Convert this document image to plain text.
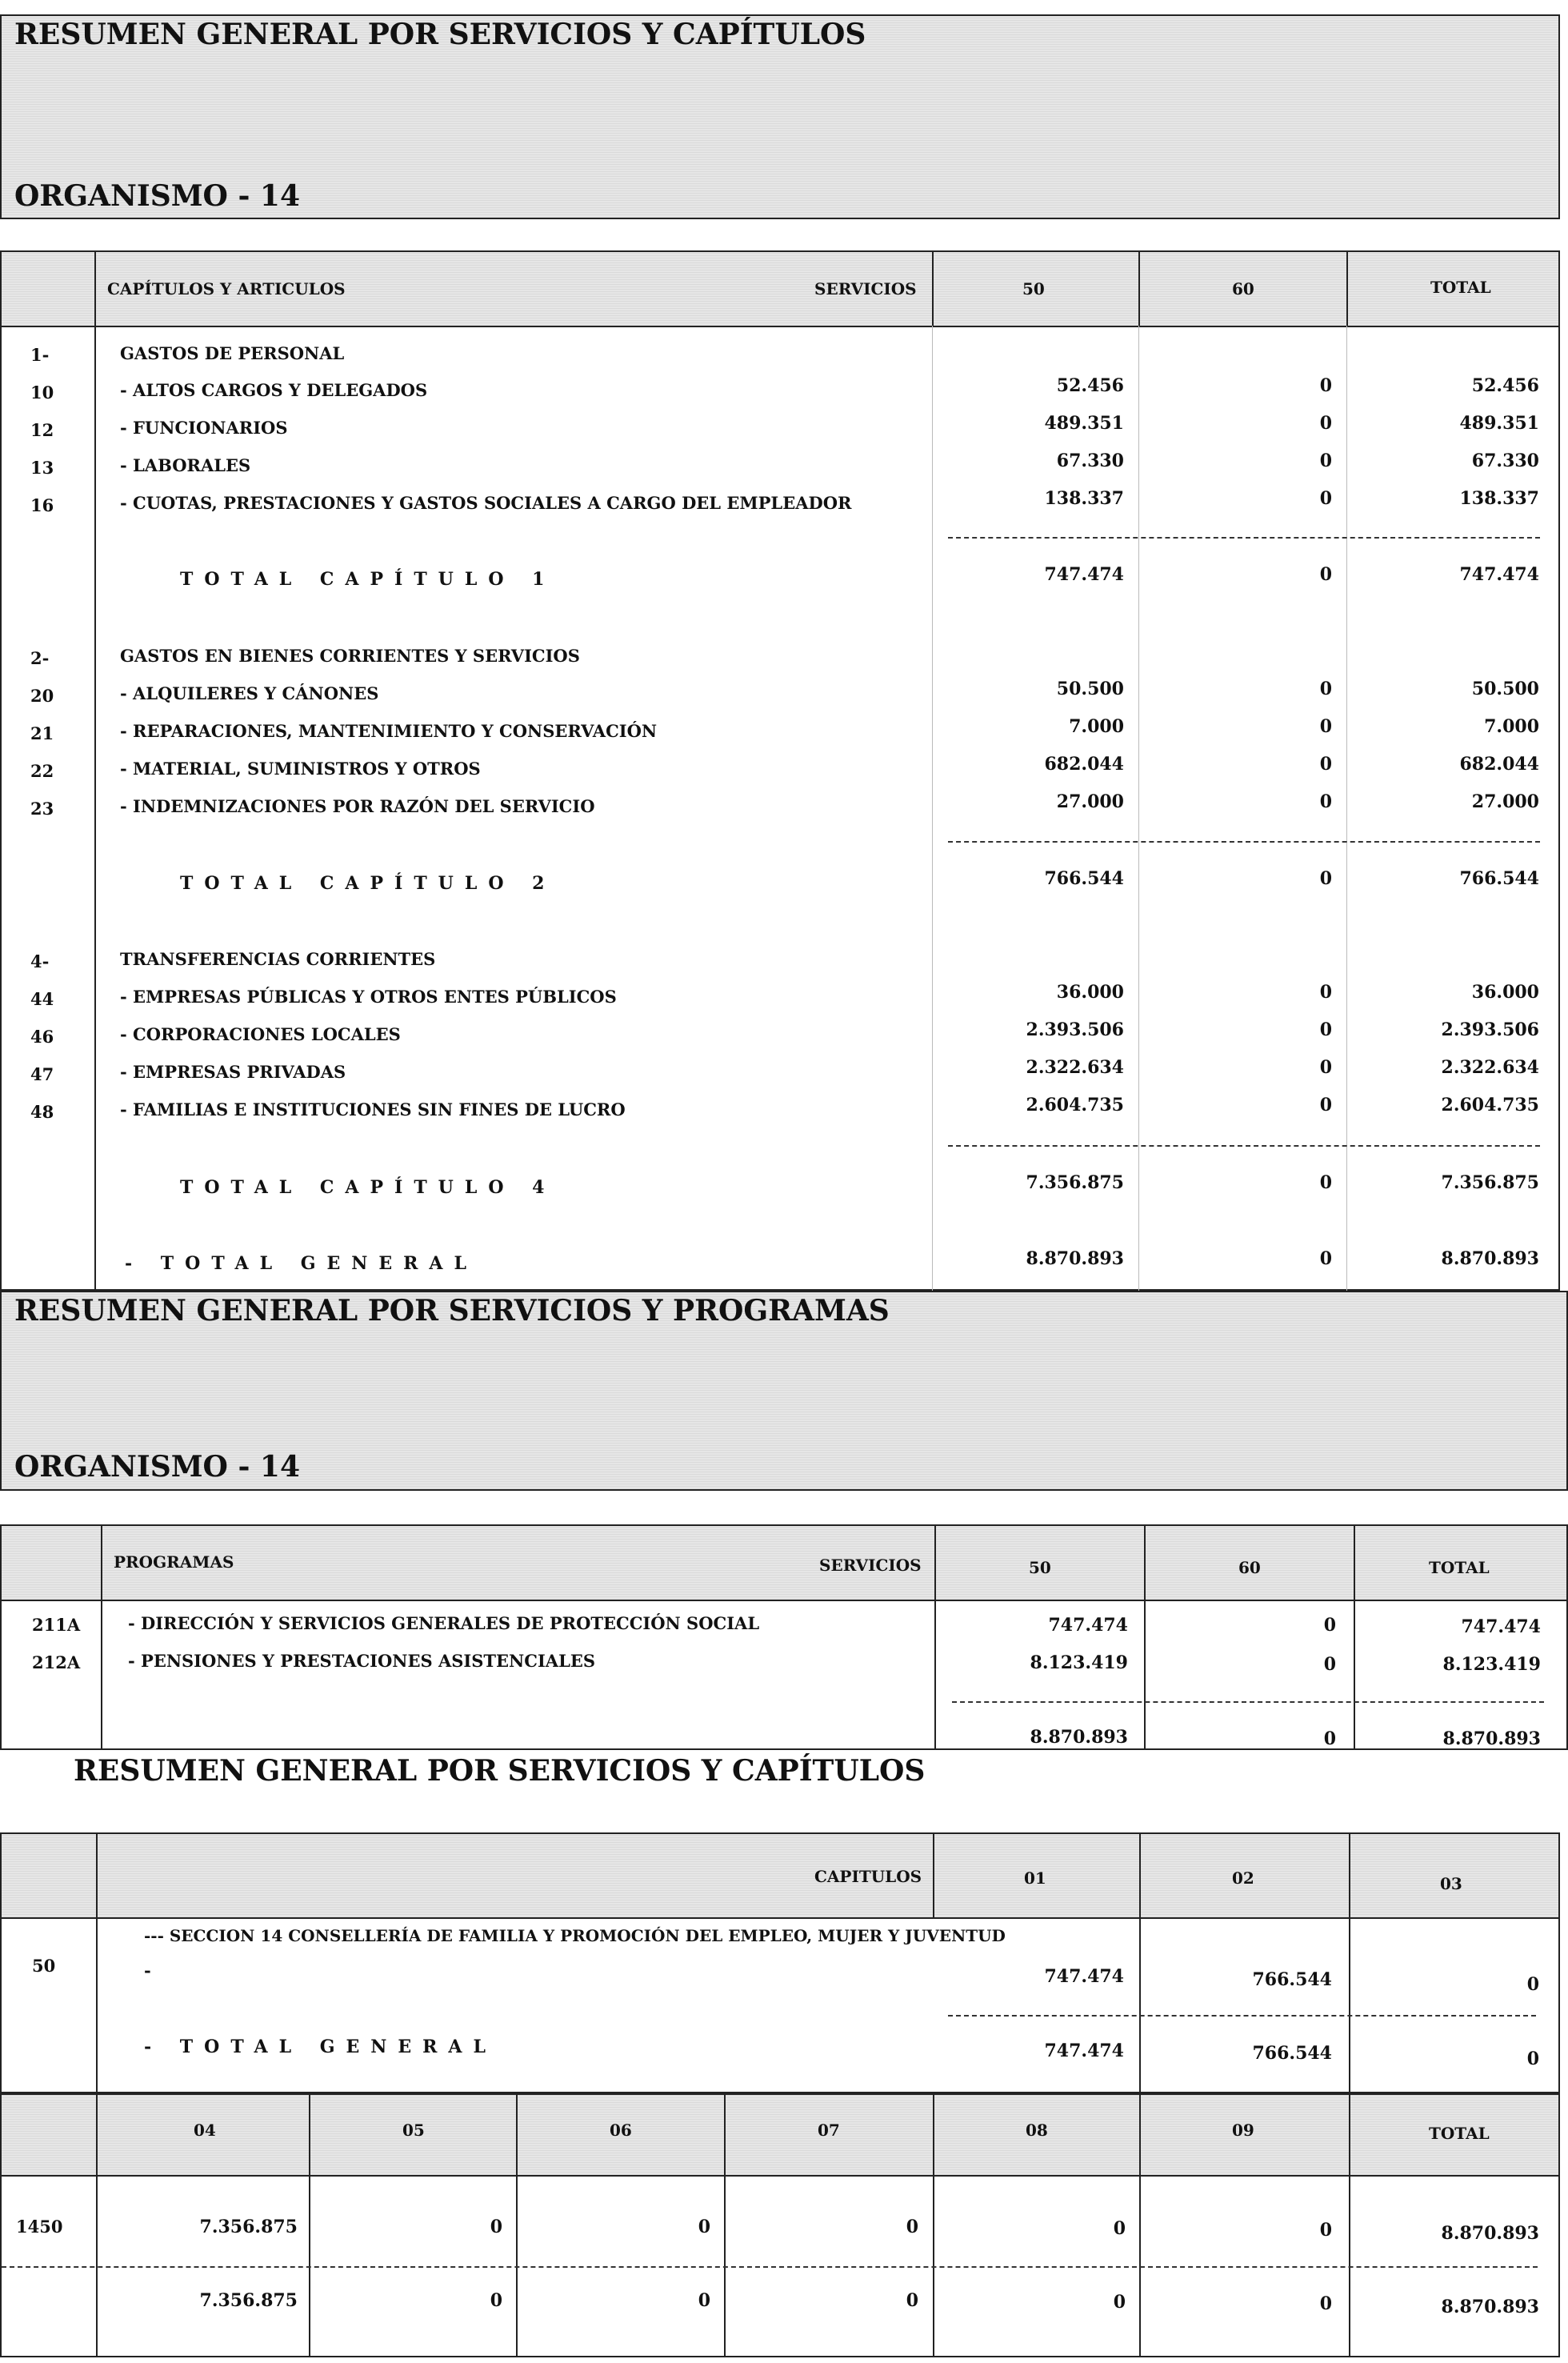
RESUMEN GENERAL POR SERVICIOS Y CAPÍTULOS
ORGANISMO - 14
CAPÍTULOS Y ARTICULOS	SERVICIOS	50	60	TOTAL
1-	GASTOS DE PERSONAL
10	- ALTOS CARGOS Y DELEGADOS	52.456	0	52.456
12	- FUNCIONARIOS	489.351	0	489.351
13	- LABORALES	67.330	0	67.330
16	- CUOTAS, PRESTACIONES Y GASTOS SOCIALES A CARGO DEL EMPLEADOR	138.337	0	138.337
TOTAL CAPÍTULO 1	747.474	0	747.474
2-	GASTOS EN BIENES CORRIENTES Y SERVICIOS
20	- ALQUILERES Y CÁNONES	50.500	0	50.500
21	- REPARACIONES, MANTENIMIENTO Y CONSERVACIÓN	7.000	0	7.000
22	- MATERIAL, SUMINISTROS Y OTROS	682.044	0	682.044
23	- INDEMNIZACIONES POR RAZÓN DEL SERVICIO	27.000	0	27.000
TOTAL CAPÍTULO 2	766.544	0	766.544
4-	TRANSFERENCIAS CORRIENTES
44	- EMPRESAS PÚBLICAS Y OTROS ENTES PÚBLICOS	36.000	0	36.000
46	- CORPORACIONES LOCALES	2.393.506	0	2.393.506
47	- EMPRESAS PRIVADAS	2.322.634	0	2.322.634
48	- FAMILIAS E INSTITUCIONES SIN FINES DE LUCRO	2.604.735	0	2.604.735
TOTAL CAPÍTULO 4	7.356.875	0	7.356.875
- TOTAL GENERAL	8.870.893	0	8.870.893
RESUMEN GENERAL POR SERVICIOS Y PROGRAMAS
ORGANISMO - 14
PROGRAMAS	SERVICIOS	50	60	TOTAL
211A	- DIRECCIÓN Y SERVICIOS GENERALES DE PROTECCIÓN SOCIAL	747.474	0	747.474
212A	- PENSIONES Y PRESTACIONES ASISTENCIALES	8.123.419	0	8.123.419
8.870.893	0	8.870.893
RESUMEN GENERAL POR SERVICIOS Y CAPÍTULOS
CAPITULOS	01	02	03
--- SECCION 14 CONSELLERÍA DE FAMILIA Y PROMOCIÓN DEL EMPLEO, MUJER Y JUVENTUD
50	-	747.474	766.544	0
- TOTAL GENERAL	747.474	766.544	0
04	05	06	07	08	09	TOTAL
1450	7.356.875	0	0	0	0	0	8.870.893
7.356.875	0	0	0	0	0	8.870.893
